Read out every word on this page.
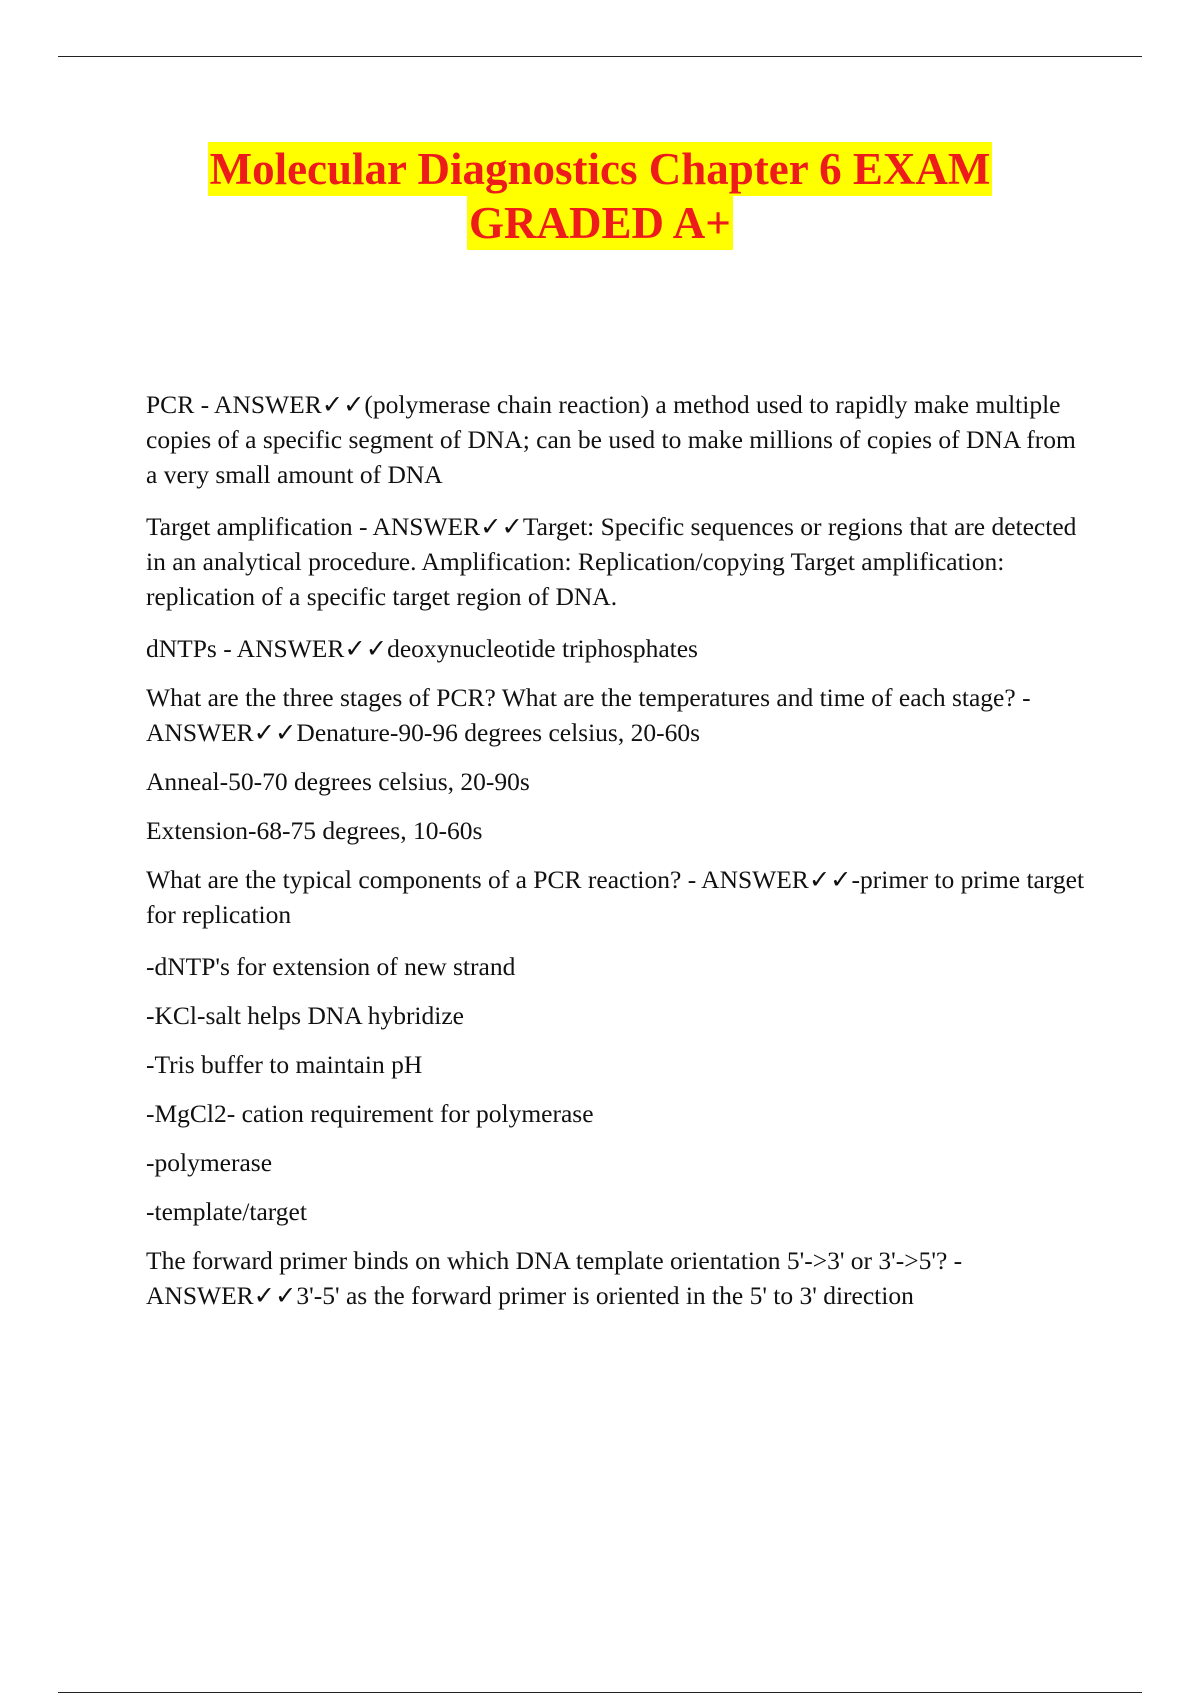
Molecular Diagnostics Chapter 6 EXAM
GRADED A+

PCR - ANSWER✓✓(polymerase chain reaction) a method used to rapidly make multiple copies of a specific segment of DNA; can be used to make millions of copies of DNA from a very small amount of DNA

Target amplification - ANSWER✓✓Target: Specific sequences or regions that are detected in an analytical procedure. Amplification: Replication/copying Target amplification: replication of a specific target region of DNA.

dNTPs - ANSWER✓✓deoxynucleotide triphosphates

What are the three stages of PCR? What are the temperatures and time of each stage? - ANSWER✓✓Denature-90-96 degrees celsius, 20-60s

Anneal-50-70 degrees celsius, 20-90s

Extension-68-75 degrees, 10-60s

What are the typical components of a PCR reaction? - ANSWER✓✓-primer to prime target for replication

-dNTP's for extension of new strand

-KCl-salt helps DNA hybridize

-Tris buffer to maintain pH

-MgCl2- cation requirement for polymerase

-polymerase

-template/target

The forward primer binds on which DNA template orientation 5'->3' or 3'->5'? - ANSWER✓✓3'-5' as the forward primer is oriented in the 5' to 3' direction
